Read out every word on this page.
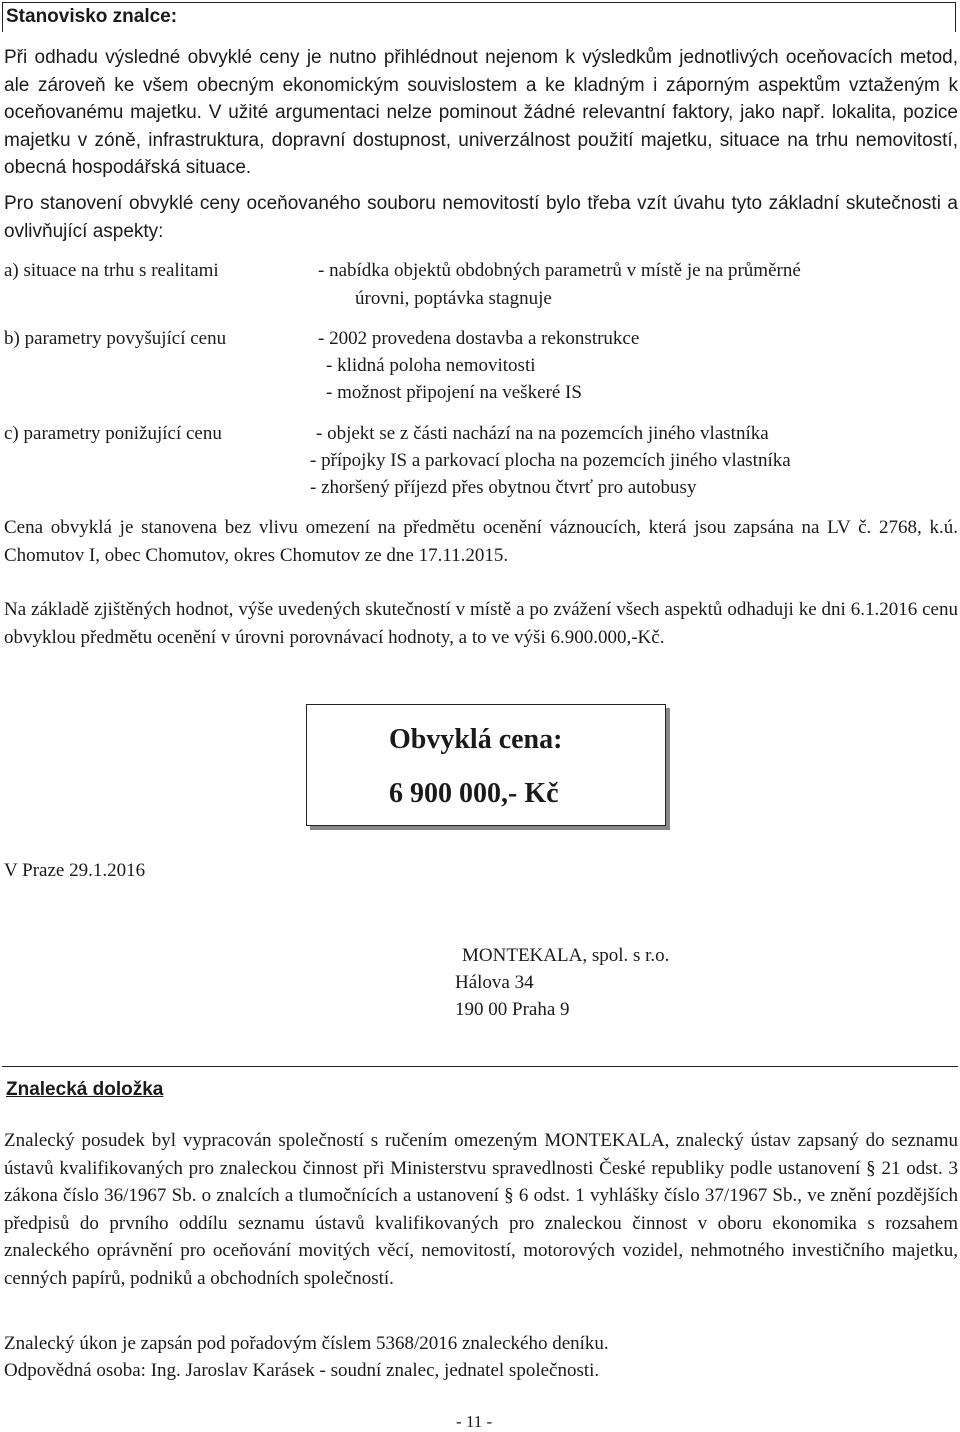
Stanovisko znalce:
Při odhadu výsledné obvyklé ceny je nutno přihlédnout nejenom k výsledkům jednotlivých oceňovacích metod, ale zároveň ke všem obecným ekonomickým souvislostem a ke kladným i záporným aspektům vztaženým k oceňovanému majetku. V užité argumentaci nelze pominout žádné relevantní faktory, jako např. lokalita, pozice majetku v zóně, infrastruktura, dopravní dostupnost, univerzálnost použití majetku, situace na trhu nemovitostí, obecná hospodářská situace.
Pro stanovení obvyklé ceny oceňovaného souboru nemovitostí bylo třeba vzít úvahu tyto základní skutečnosti a ovlivňující aspekty:
a) situace na trhu s realitami	- nabídka objektů obdobných parametrů v místě je na průměrné
úrovni, poptávka stagnuje
b) parametry povyšující cenu	- 2002 provedena dostavba a rekonstrukce
- klidná poloha nemovitosti
- možnost připojení na veškeré IS
c) parametry ponižující cenu	- objekt se z části nachází na na pozemcích jiného vlastníka
- přípojky IS a parkovací plocha na pozemcích jiného vlastníka
- zhoršený příjezd přes obytnou čtvrť pro autobusy
Cena obvyklá je stanovena bez vlivu omezení na předmětu ocenění váznoucích, která jsou zapsána na LV č. 2768, k.ú. Chomutov I, obec Chomutov, okres Chomutov ze dne 17.11.2015.
Na základě zjištěných hodnot, výše uvedených skutečností v místě a po zvážení všech aspektů odhaduji ke dni 6.1.2016 cenu obvyklou předmětu ocenění v úrovni porovnávací hodnoty, a to ve výši 6.900.000,-Kč.
Obvyklá cena:
6 900 000,- Kč
V Praze 29.1.2016
MONTEKALA, spol. s r.o.
Hálova 34
190 00 Praha 9
Znalecká doložka
Znalecký posudek byl vypracován společností s ručením omezeným MONTEKALA, znalecký ústav zapsaný do seznamu ústavů kvalifikovaných pro znaleckou činnost při Ministerstvu spravedlnosti České republiky podle ustanovení § 21 odst. 3 zákona číslo 36/1967 Sb. o znalcích a tlumočnících a ustanovení § 6 odst. 1 vyhlášky číslo 37/1967 Sb., ve znění pozdějších předpisů do prvního oddílu seznamu ústavů kvalifikovaných pro znaleckou činnost v oboru ekonomika s rozsahem znaleckého oprávnění pro oceňování movitých věcí, nemovitostí, motorových vozidel, nehmotného investičního majetku, cenných papírů, podniků a obchodních společností.
Znalecký úkon je zapsán pod pořadovým číslem 5368/2016 znaleckého deníku.
Odpovědná osoba: Ing. Jaroslav Karásek - soudní znalec, jednatel společnosti.
- 11 -
